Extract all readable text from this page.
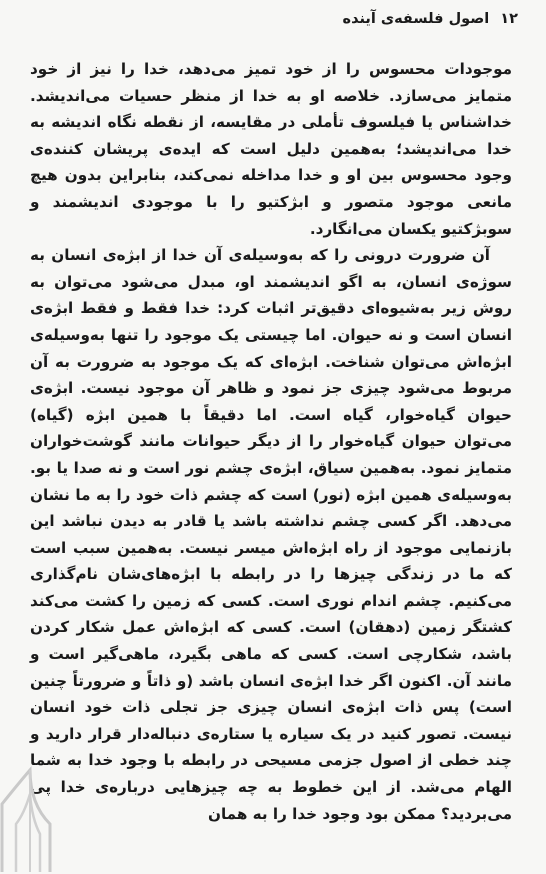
۱۲ اصول فلسفه‌ی آینده

موجودات محسوس را از خود تمیز می‌دهد، خدا را نیز از خود متمایز می‌سازد. خلاصه او به خدا از منظر حسیات می‌اندیشد. خداشناس یا فیلسوف تأملی در مقایسه، از نقطه نگاه اندیشه به خدا می‌اندیشد؛ به‌همین دلیل است که ایده‌ی پریشان کننده‌ی وجود محسوس بین او و خدا مداخله نمی‌کند، بنابراین بدون هیچ مانعی موجود متصور و ابژکتیو را با موجودی اندیشمند و سوبژکتیو یکسان می‌انگارد.

آن ضرورت درونی را که به‌وسیله‌ی آن خدا از ابژه‌ی انسان به سوژه‌ی انسان، به اگو اندیشمند او، مبدل می‌شود می‌توان به روش زیر به‌شیوه‌ای دقیق‌تر اثبات کرد: خدا فقط و فقط ابژه‌ی انسان است و نه حیوان. اما چیستی یک موجود را تنها به‌وسیله‌ی ابژه‌اش می‌توان شناخت. ابژه‌ای که یک موجود به ضرورت به آن مربوط می‌شود چیزی جز نمود و ظاهر آن موجود نیست. ابژه‌ی حیوان گیاه‌خوار، گیاه است. اما دقیقاً با همین ابژه (گیاه) می‌توان حیوان گیاه‌خوار را از دیگر حیوانات مانند گوشت‌خواران متمایز نمود. به‌همین سیاق، ابژه‌ی چشم نور است و نه صدا یا بو. به‌وسیله‌ی همین ابژه (نور) است که چشم ذات خود را به ما نشان می‌دهد. اگر کسی چشم نداشته باشد یا قادر به دیدن نباشد این بازنمایی موجود از راه ابژه‌اش میسر نیست. به‌همین سبب است که ما در زندگی چیزها را در رابطه با ابژه‌های‌شان نام‌گذاری می‌کنیم. چشم اندام نوری است. کسی که زمین را کشت می‌کند کشتگر زمین (دهقان) است. کسی که ابژه‌اش عمل شکار کردن باشد، شکارچی است. کسی که ماهی بگیرد، ماهی‌گیر است و مانند آن. اکنون اگر خدا ابژه‌ی انسان باشد (و ذاتاً و ضرورتاً چنین است) پس ذات ابژه‌ی انسان چیزی جز تجلی ذات خود انسان نیست. تصور کنید در یک سیاره یا ستاره‌ی دنباله‌دار قرار دارید و چند خطی از اصول جزمی مسیحی در رابطه با وجود خدا به شما الهام می‌شد. از این خطوط به چه چیزهایی درباره‌ی خدا پی می‌بردید؟ ممکن بود وجود خدا را به همان
